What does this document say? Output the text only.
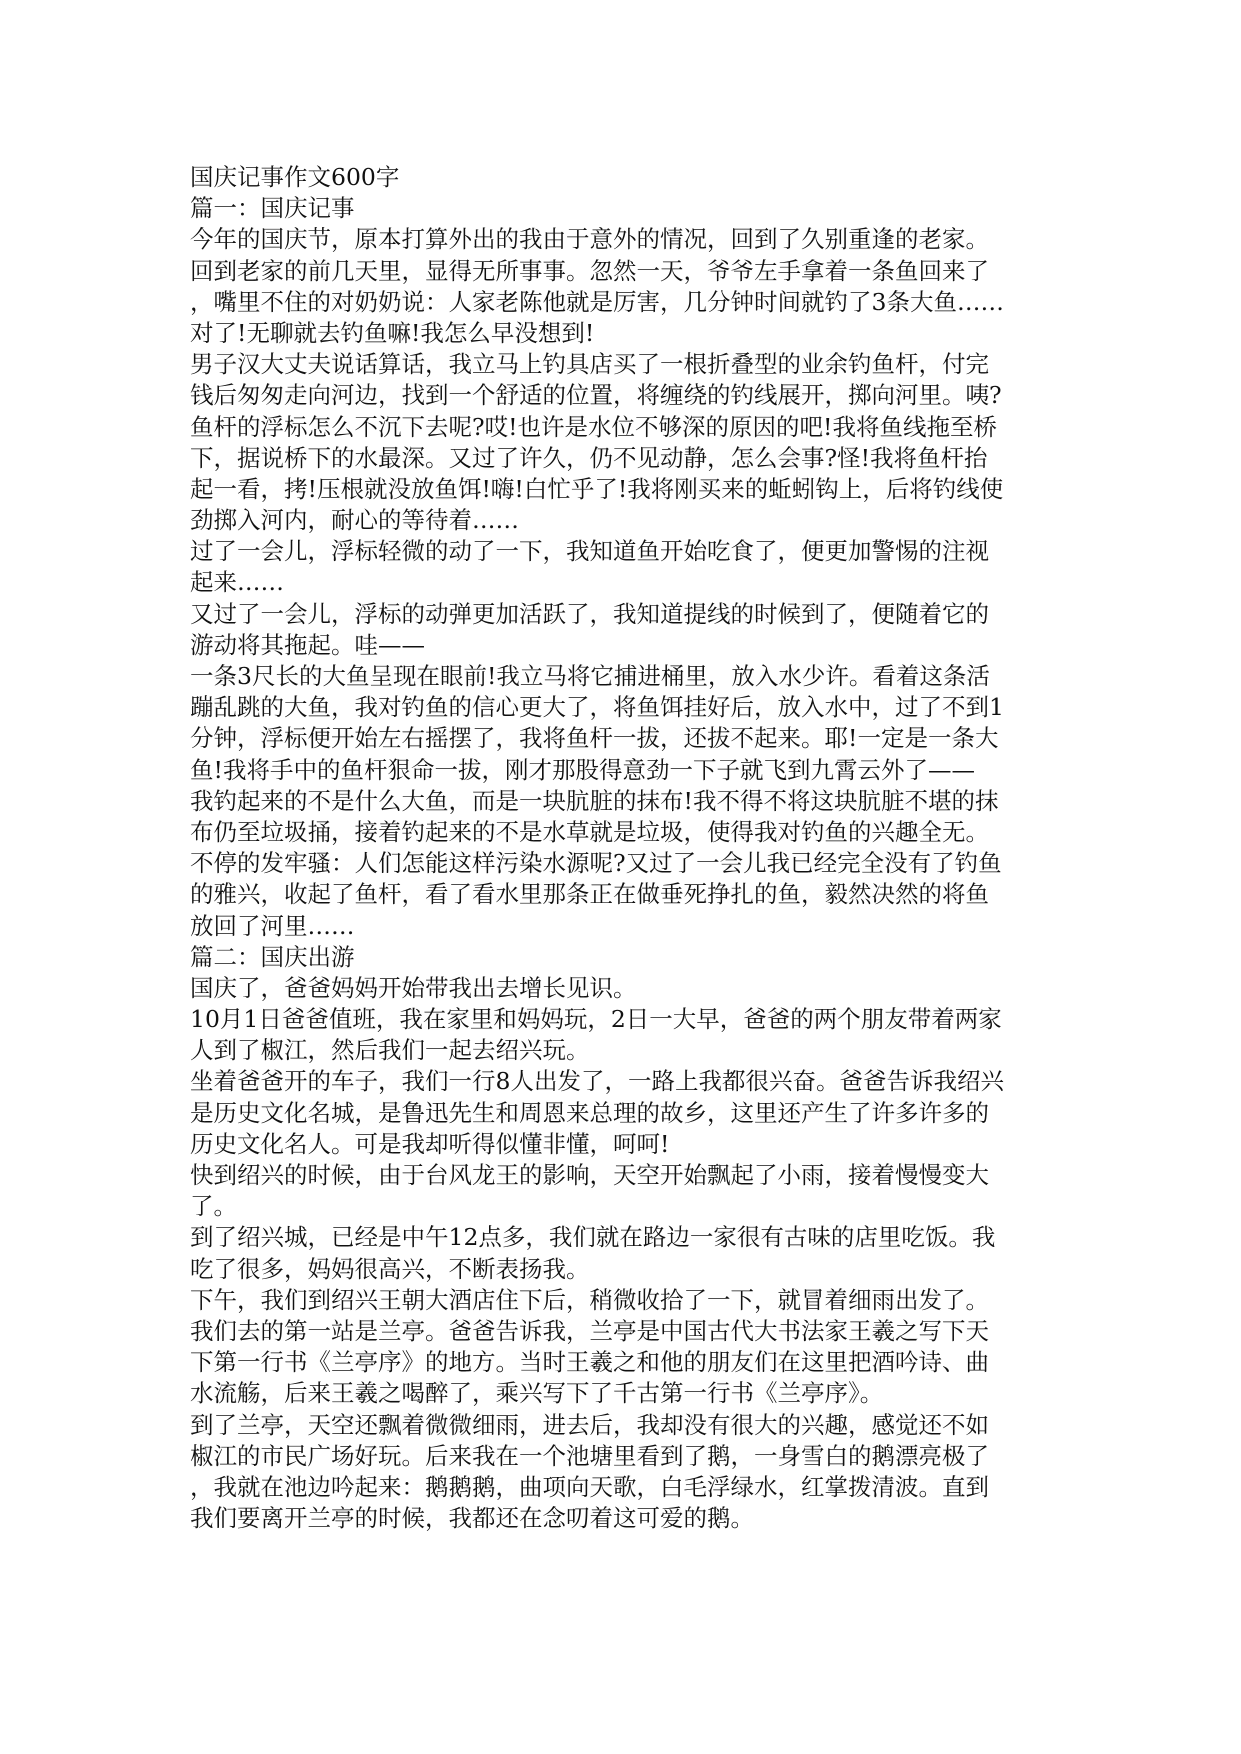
国庆记事作文600字
篇一：国庆记事
今年的国庆节，原本打算外出的我由于意外的情况，回到了久别重逢的老家。
回到老家的前几天里，显得无所事事。忽然一天，爷爷左手拿着一条鱼回来了
，嘴里不住的对奶奶说：人家老陈他就是厉害，几分钟时间就钓了3条大鱼……
对了!无聊就去钓鱼嘛!我怎么早没想到!
男子汉大丈夫说话算话，我立马上钓具店买了一根折叠型的业余钓鱼杆，付完
钱后匆匆走向河边，找到一个舒适的位置，将缠绕的钓线展开，掷向河里。咦?
鱼杆的浮标怎么不沉下去呢?哎!也许是水位不够深的原因的吧!我将鱼线拖至桥
下，据说桥下的水最深。又过了许久，仍不见动静，怎么会事?怪!我将鱼杆抬
起一看，拷!压根就没放鱼饵!嗨!白忙乎了!我将刚买来的蚯蚓钩上，后将钓线使
劲掷入河内，耐心的等待着……
过了一会儿，浮标轻微的动了一下，我知道鱼开始吃食了，便更加警惕的注视
起来……
又过了一会儿，浮标的动弹更加活跃了，我知道提线的时候到了，便随着它的
游动将其拖起。哇——
一条3尺长的大鱼呈现在眼前!我立马将它捕进桶里，放入水少许。看着这条活
蹦乱跳的大鱼，我对钓鱼的信心更大了，将鱼饵挂好后，放入水中，过了不到1
分钟，浮标便开始左右摇摆了，我将鱼杆一拔，还拔不起来。耶!一定是一条大
鱼!我将手中的鱼杆狠命一拔，刚才那股得意劲一下子就飞到九霄云外了——
我钓起来的不是什么大鱼，而是一块肮脏的抹布!我不得不将这块肮脏不堪的抹
布仍至垃圾捅，接着钓起来的不是水草就是垃圾，使得我对钓鱼的兴趣全无。
不停的发牢骚：人们怎能这样污染水源呢?又过了一会儿我已经完全没有了钓鱼
的雅兴，收起了鱼杆，看了看水里那条正在做垂死挣扎的鱼，毅然决然的将鱼
放回了河里……
篇二：国庆出游
国庆了，爸爸妈妈开始带我出去增长见识。
10月1日爸爸值班，我在家里和妈妈玩，2日一大早，爸爸的两个朋友带着两家
人到了椒江，然后我们一起去绍兴玩。
坐着爸爸开的车子，我们一行8人出发了，一路上我都很兴奋。爸爸告诉我绍兴
是历史文化名城，是鲁迅先生和周恩来总理的故乡，这里还产生了许多许多的
历史文化名人。可是我却听得似懂非懂，呵呵!
快到绍兴的时候，由于台风龙王的影响，天空开始飘起了小雨，接着慢慢变大
了。
到了绍兴城，已经是中午12点多，我们就在路边一家很有古味的店里吃饭。我
吃了很多，妈妈很高兴，不断表扬我。
下午，我们到绍兴王朝大酒店住下后，稍微收拾了一下，就冒着细雨出发了。
我们去的第一站是兰亭。爸爸告诉我，兰亭是中国古代大书法家王羲之写下天
下第一行书《兰亭序》的地方。当时王羲之和他的朋友们在这里把酒吟诗、曲
水流觞，后来王羲之喝醉了，乘兴写下了千古第一行书《兰亭序》。
到了兰亭，天空还飘着微微细雨，进去后，我却没有很大的兴趣，感觉还不如
椒江的市民广场好玩。后来我在一个池塘里看到了鹅，一身雪白的鹅漂亮极了
，我就在池边吟起来：鹅鹅鹅，曲项向天歌，白毛浮绿水，红掌拨清波。直到
我们要离开兰亭的时候，我都还在念叨着这可爱的鹅。
